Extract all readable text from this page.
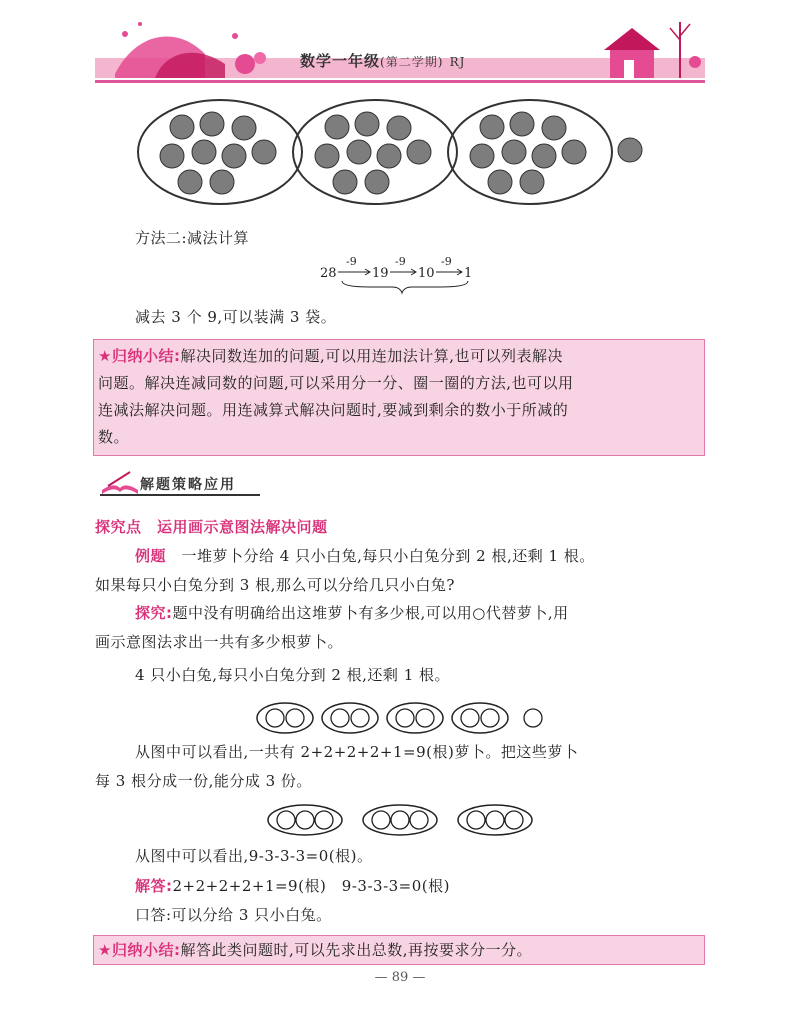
数学一年级(第二学期) RJ
方法二:减法计算
28	19 10 1
-9	-9	-9
减去 3 个 9,可以装满 3 袋。
★归纳小结:解决同数连加的问题,可以用连加法计算,也可以列表解决
问题。解决连减同数的问题,可以采用分一分、圈一圈的方法,也可以用
连减法解决问题。用连减算式解决问题时,要减到剩余的数小于所减的
数。
解题策略应用
探究点　运用画示意图法解决问题
例题　一堆萝卜分给 4 只小白兔,每只小白兔分到 2 根,还剩 1 根。
如果每只小白兔分到 3 根,那么可以分给几只小白兔?
探究:题中没有明确给出这堆萝卜有多少根,可以用○代替萝卜,用
画示意图法求出一共有多少根萝卜。
4 只小白兔,每只小白兔分到 2 根,还剩 1 根。
从图中可以看出,一共有 2+2+2+2+1=9(根)萝卜。把这些萝卜
每 3 根分成一份,能分成 3 份。
从图中可以看出,9-3-3-3=0(根)。
解答:2+2+2+2+1=9(根)　9-3-3-3=0(根)
口答:可以分给 3 只小白兔。
★归纳小结:解答此类问题时,可以先求出总数,再按要求分一分。
— 89 —
